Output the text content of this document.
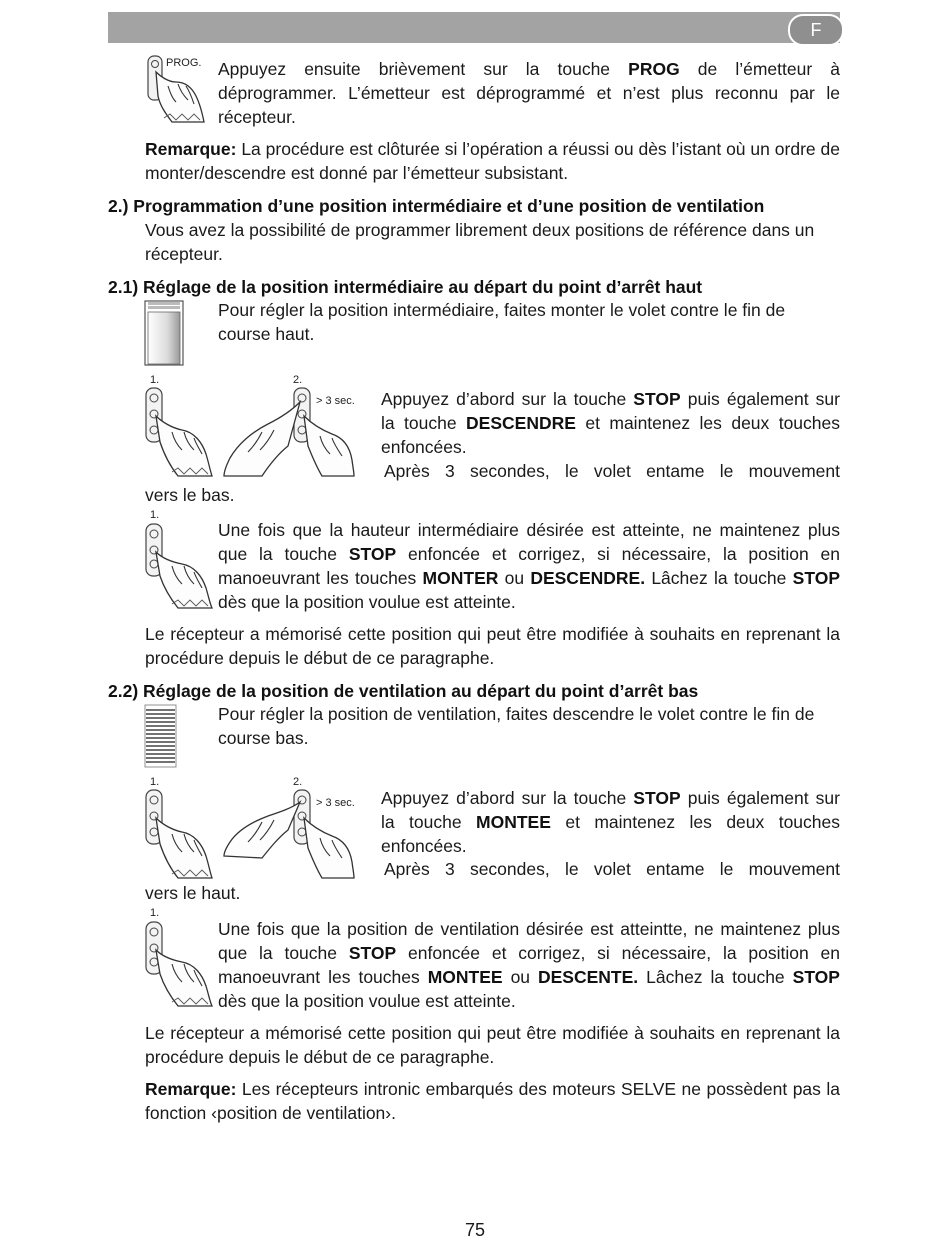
F
PROG. Appuyez ensuite brièvement sur la touche PROG de l’émetteur à déprogrammer. L’émetteur est déprogrammé et n’est plus reconnu par le récepteur.

Remarque: La procédure est clôturée si l’opération a réussi ou dès l’istant où un ordre de monter/descendre est donné par l’émetteur subsistant.

2.) Programmation d’une position intermédiaire et d’une position de ventilation

Vous avez la possibilité de programmer librement deux positions de référence dans un récepteur.

2.1) Réglage de la position intermédiaire au départ du point d’arrêt haut

Pour régler la position intermédiaire, faites monter le volet contre le fin de course haut.

1.	2.
> 3 sec. Appuyez d’abord sur la touche STOP puis également sur la touche DESCENDRE et maintenez les deux touches enfoncées.

Après 3 secondes, le volet entame le mouvement
vers le bas.
1.

Une fois que la hauteur intermédiaire désirée est atteinte, ne maintenez plus que la touche STOP enfoncée et corrigez, si nécessaire, la position en manoeuvrant les touches MONTER ou DESCENDRE. Lâchez la touche STOP dès que la position voulue est atteinte.

Le récepteur a mémorisé cette position qui peut être modifiée à souhaits en reprenant la procédure depuis le début de ce paragraphe.

2.2) Réglage de la position de ventilation au départ du point d’arrêt bas

Pour régler la position de ventilation, faites descendre le volet contre le fin de course bas.

1.	2.
> 3 sec. Appuyez d’abord sur la touche STOP puis également sur la touche MONTEE et maintenez les deux touches enfoncées.

Après 3 secondes, le volet entame le mouvement
vers le haut.
1.

Une fois que la position de ventilation désirée est atteintte, ne maintenez plus que la touche STOP enfoncée et corrigez, si nécessaire, la position en manoeuvrant les touches MONTEE ou DESCENTE. Lâchez la touche STOP dès que la position voulue est atteinte.

Le récepteur a mémorisé cette position qui peut être modifiée à souhaits en reprenant la procédure depuis le début de ce paragraphe.

Remarque: Les récepteurs intronic embarqués des moteurs SELVE ne possèdent pas la fonction ‹position de ventilation›.

75
